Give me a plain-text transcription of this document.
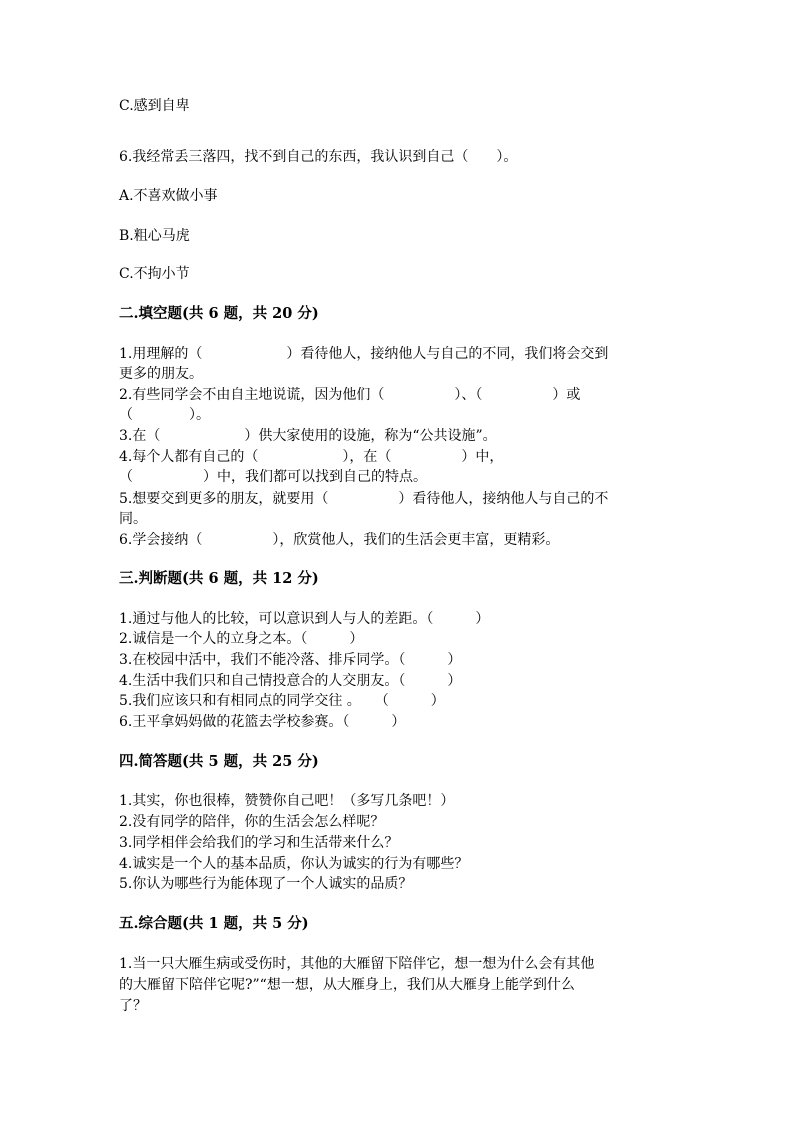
C.感到自卑
6.我经常丢三落四，找不到自己的东西，我认识到自己（　　）。
A.不喜欢做小事
B.粗心马虎
C.不拘小节
二.填空题(共 6 题，共 20 分)
1.用理解的（　　　　　　）看待他人，接纳他人与自己的不同，我们将会交到
更多的朋友。
2.有些同学会不由自主地说谎，因为他们（　　　　　）、（　　　　　）或
（　　　　）。
3.在（　　　　　　）供大家使用的设施，称为“公共设施”。
4.每个人都有自己的（　　　　　　），在（　　　　　）中，
（　　　　　）中，我们都可以找到自己的特点。
5.想要交到更多的朋友，就要用（　　　　　）看待他人，接纳他人与自己的不
同。
6.学会接纳（　　　　　），欣赏他人，我们的生活会更丰富，更精彩。
三.判断题(共 6 题，共 12 分)
1.通过与他人的比较，可以意识到人与人的差距。（　　　）
2.诚信是一个人的立身之本。（　　　）
3.在校园中活中，我们不能冷落、排斥同学。（　　　）
4.生活中我们只和自己情投意合的人交朋友。（　　　）
5.我们应该只和有相同点的同学交往 。　　（　　　）
6.王平拿妈妈做的花篮去学校参赛。（　　　）
四.简答题(共 5 题，共 25 分)
1.其实，你也很棒，赞赞你自己吧！（多写几条吧！）
2.没有同学的陪伴，你的生活会怎么样呢？
3.同学相伴会给我们的学习和生活带来什么？
4.诚实是一个人的基本品质，你认为诚实的行为有哪些？
5.你认为哪些行为能体现了一个人诚实的品质？
五.综合题(共 1 题，共 5 分)
1.当一只大雁生病或受伤时，其他的大雁留下陪伴它，想一想为什么会有其他
的大雁留下陪伴它呢?”“想一想，从大雁身上，我们从大雁身上能学到什么
了？
